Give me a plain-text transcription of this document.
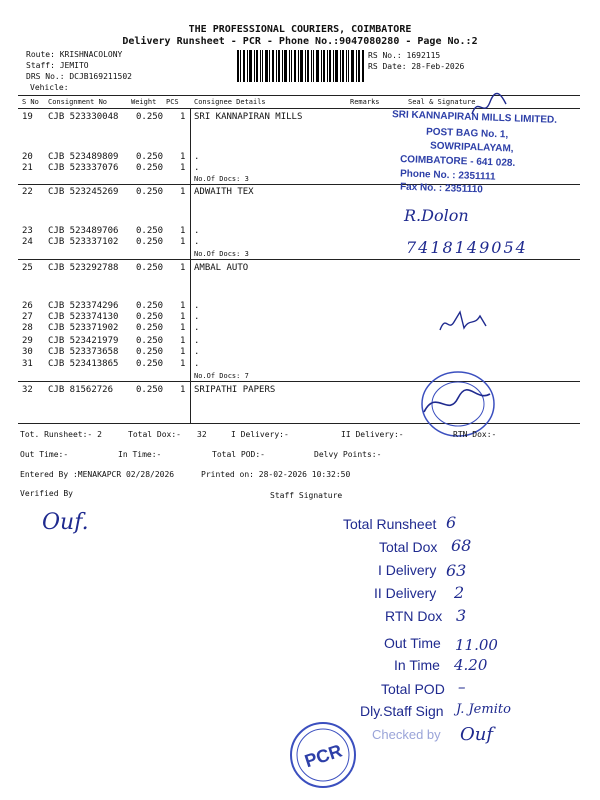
THE PROFESSIONAL COURIERS, COIMBATORE
Delivery Runsheet - PCR - Phone No.:9047080280 - Page No.:2
Route: KRISHNACOLONY
Staff: JEMITO
DRS No.: DCJB169211502
Vehicle:
RS No.: 1692115
RS Date: 28-Feb-2026
S No Consignment No	Weight PCS Consignee Details	Remarks	Seal & Signature
19 CJB 523330048 0.250 1 SRI KANNAPIRAN MILLS
20 CJB 523489809 0.250 1 .
21 CJB 523337076 0.250 1 .
No.Of Docs: 3
22 CJB 523245269 0.250 1 ADWAITH TEX
23 CJB 523489706 0.250 1 .
24 CJB 523337102 0.250 1 .
No.Of Docs: 3
25 CJB 523292788 0.250 1 AMBAL AUTO
26 CJB 523374296 0.250 1 .
27 CJB 523374130 0.250 1 .
28 CJB 523371902 0.250 1 .
29 CJB 523421979 0.250 1 .
30 CJB 523373658 0.250 1 .
31 CJB 523413865 0.250 1 .
No.Of Docs: 7
32 CJB 81562726	0.250 1 SRIPATHI PAPERS
SRI KANNAPIRAN MILLS LIMITED.
POST BAG No. 1,
SOWRIPALAYAM,
COIMBATORE - 641 028.
Phone No. : 2351111
Fax No. : 2351110
R.Dolon
7418149054
Tot. Runsheet:- 2	Total Dox:- 32	I Delivery:-	II Delivery:-	RTN Dox:-
Out Time:-	In Time:-	Total POD:-	Delvy Points:-
Entered By :MENAKAPCR 02/28/2026	Printed on: 28-02-2026 10:32:50
Verified By	Staff Signature
Ouf.	Total Runsheet 6
Total Dox 68
I Delivery 63
II Delivery 2
RTN Dox 3
Out Time 11.00
In Time 4.20
Total POD –
Dly.Staff Sign J. Jemito
Checked by Ouf
PCR
